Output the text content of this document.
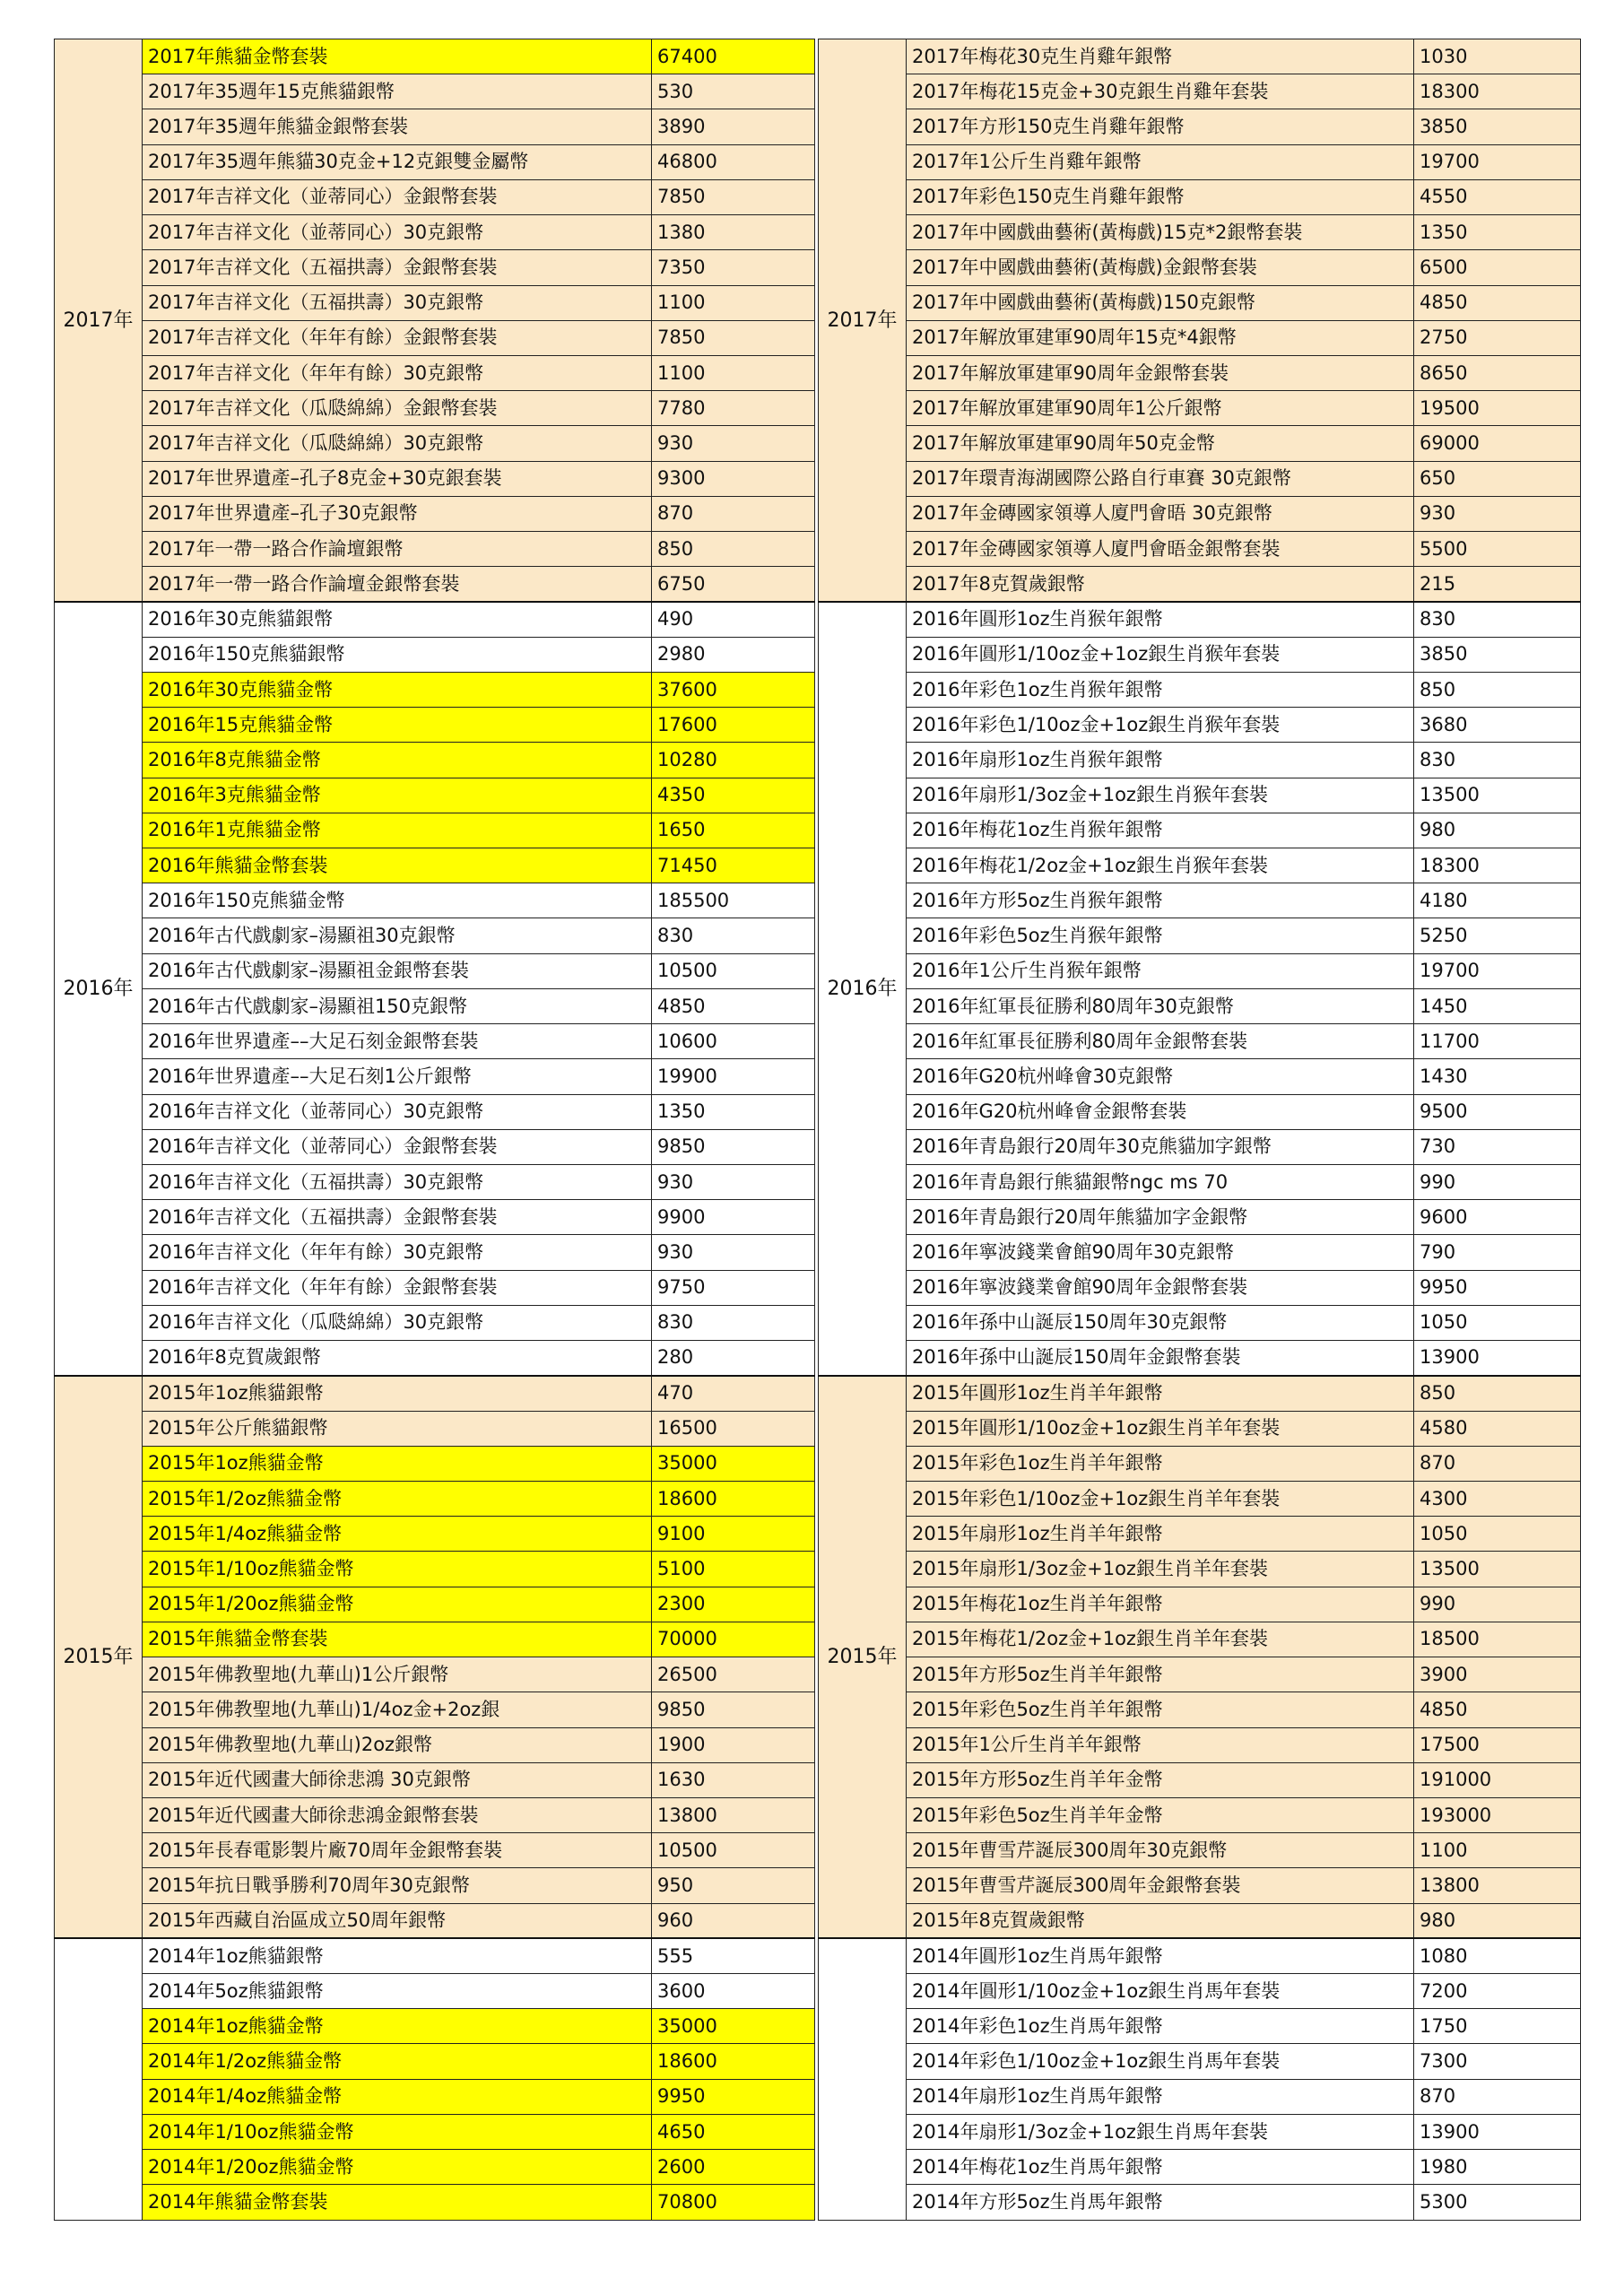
2017年	2017年熊貓金幣套裝	67400
	2017年35週年15克熊貓銀幣	530
	2017年35週年熊貓金銀幣套裝	3890
	2017年35週年熊貓30克金+12克銀雙金屬幣	46800
	2017年吉祥文化（並蒂同心）金銀幣套裝	7850
	2017年吉祥文化（並蒂同心）30克銀幣	1380
	2017年吉祥文化（五福拱壽）金銀幣套裝	7350
	2017年吉祥文化（五福拱壽）30克銀幣	1100
	2017年吉祥文化（年年有餘）金銀幣套裝	7850
	2017年吉祥文化（年年有餘）30克銀幣	1100
	2017年吉祥文化（瓜瓞綿綿）金銀幣套裝	7780
	2017年吉祥文化（瓜瓞綿綿）30克銀幣	930
	2017年世界遺產–孔子8克金+30克銀套裝	9300
	2017年世界遺產–孔子30克銀幣	870
	2017年一帶一路合作論壇銀幣	850
	2017年一帶一路合作論壇金銀幣套裝	6750
2016年	2016年30克熊貓銀幣	490
	2016年150克熊貓銀幣	2980
	2016年30克熊貓金幣	37600
	2016年15克熊貓金幣	17600
	2016年8克熊貓金幣	10280
	2016年3克熊貓金幣	4350
	2016年1克熊貓金幣	1650
	2016年熊貓金幣套裝	71450
	2016年150克熊貓金幣	185500
	2016年古代戲劇家–湯顯祖30克銀幣	830
	2016年古代戲劇家–湯顯祖金銀幣套裝	10500
	2016年古代戲劇家–湯顯祖150克銀幣	4850
	2016年世界遺產––大足石刻金銀幣套裝	10600
	2016年世界遺產––大足石刻1公斤銀幣	19900
	2016年吉祥文化（並蒂同心）30克銀幣	1350
	2016年吉祥文化（並蒂同心）金銀幣套裝	9850
	2016年吉祥文化（五福拱壽）30克銀幣	930
	2016年吉祥文化（五福拱壽）金銀幣套裝	9900
	2016年吉祥文化（年年有餘）30克銀幣	930
	2016年吉祥文化（年年有餘）金銀幣套裝	9750
	2016年吉祥文化（瓜瓞綿綿）30克銀幣	830
	2016年8克賀歲銀幣	280
2015年	2015年1oz熊貓銀幣	470
	2015年公斤熊貓銀幣	16500
	2015年1oz熊貓金幣	35000
	2015年1/2oz熊貓金幣	18600
	2015年1/4oz熊貓金幣	9100
	2015年1/10oz熊貓金幣	5100
	2015年1/20oz熊貓金幣	2300
	2015年熊貓金幣套裝	70000
	2015年佛教聖地(九華山)1公斤銀幣	26500
	2015年佛教聖地(九華山)1/4oz金+2oz銀	9850
	2015年佛教聖地(九華山)2oz銀幣	1900
	2015年近代國畫大師徐悲鴻 30克銀幣	1630
	2015年近代國畫大師徐悲鴻金銀幣套裝	13800
	2015年長春電影製片廠70周年金銀幣套裝	10500
	2015年抗日戰爭勝利70周年30克銀幣	950
	2015年西藏自治區成立50周年銀幣	960
	2014年1oz熊貓銀幣	555
	2014年5oz熊貓銀幣	3600
	2014年1oz熊貓金幣	35000
	2014年1/2oz熊貓金幣	18600
	2014年1/4oz熊貓金幣	9950
	2014年1/10oz熊貓金幣	4650
	2014年1/20oz熊貓金幣	2600
	2014年熊貓金幣套裝	70800
2017年	2017年梅花30克生肖雞年銀幣	1030
	2017年梅花15克金+30克銀生肖雞年套裝	18300
	2017年方形150克生肖雞年銀幣	3850
	2017年1公斤生肖雞年銀幣	19700
	2017年彩色150克生肖雞年銀幣	4550
	2017年中國戲曲藝術(黃梅戲)15克*2銀幣套裝	1350
	2017年中國戲曲藝術(黃梅戲)金銀幣套裝	6500
	2017年中國戲曲藝術(黃梅戲)150克銀幣	4850
	2017年解放軍建軍90周年15克*4銀幣	2750
	2017年解放軍建軍90周年金銀幣套裝	8650
	2017年解放軍建軍90周年1公斤銀幣	19500
	2017年解放軍建軍90周年50克金幣	69000
	2017年環青海湖國際公路自行車賽 30克銀幣	650
	2017年金磚國家領導人廈門會晤 30克銀幣	930
	2017年金磚國家領導人廈門會晤金銀幣套裝	5500
	2017年8克賀歲銀幣	215
2016年	2016年圓形1oz生肖猴年銀幣	830
	2016年圓形1/10oz金+1oz銀生肖猴年套裝	3850
	2016年彩色1oz生肖猴年銀幣	850
	2016年彩色1/10oz金+1oz銀生肖猴年套裝	3680
	2016年扇形1oz生肖猴年銀幣	830
	2016年扇形1/3oz金+1oz銀生肖猴年套裝	13500
	2016年梅花1oz生肖猴年銀幣	980
	2016年梅花1/2oz金+1oz銀生肖猴年套裝	18300
	2016年方形5oz生肖猴年銀幣	4180
	2016年彩色5oz生肖猴年銀幣	5250
	2016年1公斤生肖猴年銀幣	19700
	2016年紅軍長征勝利80周年30克銀幣	1450
	2016年紅軍長征勝利80周年金銀幣套裝	11700
	2016年G20杭州峰會30克銀幣	1430
	2016年G20杭州峰會金銀幣套裝	9500
	2016年青島銀行20周年30克熊貓加字銀幣	730
	2016年青島銀行熊貓銀幣ngc ms 70	990
	2016年青島銀行20周年熊貓加字金銀幣	9600
	2016年寧波錢業會館90周年30克銀幣	790
	2016年寧波錢業會館90周年金銀幣套裝	9950
	2016年孫中山誕辰150周年30克銀幣	1050
	2016年孫中山誕辰150周年金銀幣套裝	13900
2015年	2015年圓形1oz生肖羊年銀幣	850
	2015年圓形1/10oz金+1oz銀生肖羊年套裝	4580
	2015年彩色1oz生肖羊年銀幣	870
	2015年彩色1/10oz金+1oz銀生肖羊年套裝	4300
	2015年扇形1oz生肖羊年銀幣	1050
	2015年扇形1/3oz金+1oz銀生肖羊年套裝	13500
	2015年梅花1oz生肖羊年銀幣	990
	2015年梅花1/2oz金+1oz銀生肖羊年套裝	18500
	2015年方形5oz生肖羊年銀幣	3900
	2015年彩色5oz生肖羊年銀幣	4850
	2015年1公斤生肖羊年銀幣	17500
	2015年方形5oz生肖羊年金幣	191000
	2015年彩色5oz生肖羊年金幣	193000
	2015年曹雪芹誕辰300周年30克銀幣	1100
	2015年曹雪芹誕辰300周年金銀幣套裝	13800
	2015年8克賀歲銀幣	980
	2014年圓形1oz生肖馬年銀幣	1080
	2014年圓形1/10oz金+1oz銀生肖馬年套裝	7200
	2014年彩色1oz生肖馬年銀幣	1750
	2014年彩色1/10oz金+1oz銀生肖馬年套裝	7300
	2014年扇形1oz生肖馬年銀幣	870
	2014年扇形1/3oz金+1oz銀生肖馬年套裝	13900
	2014年梅花1oz生肖馬年銀幣	1980
	2014年方形5oz生肖馬年銀幣	5300
